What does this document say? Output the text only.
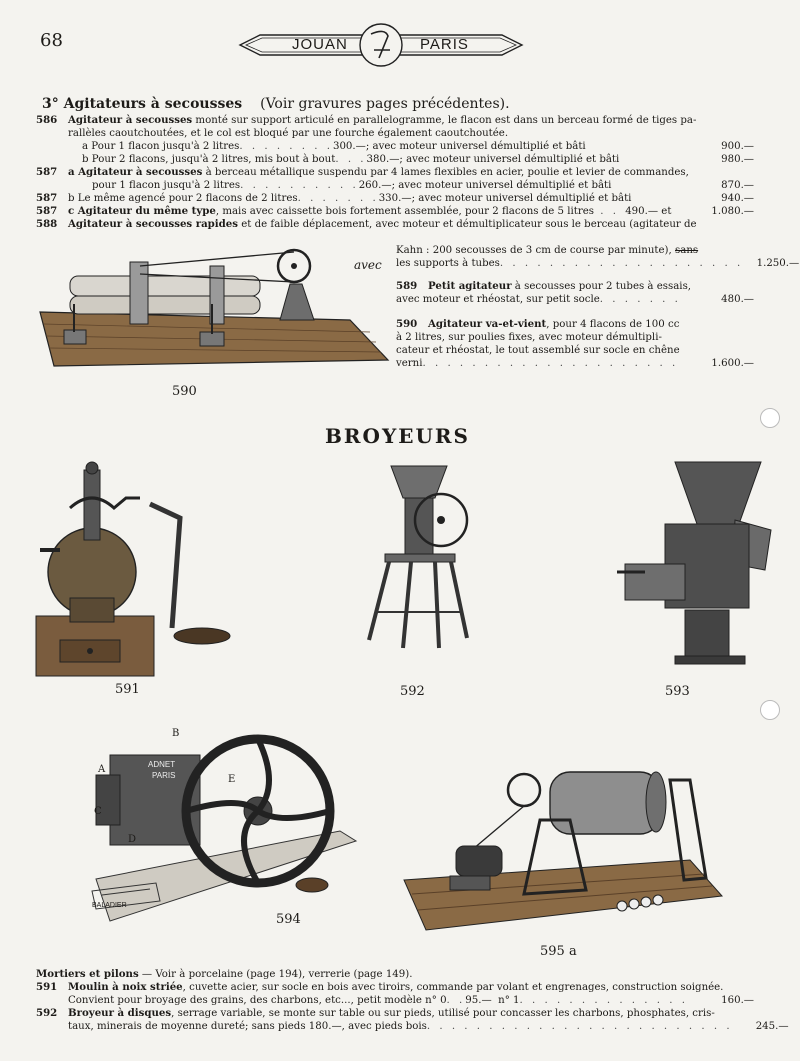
68	JOUAN	PARIS
3° Agitateurs à secousses (Voir gravures pages précédentes).
586	Agitateur à secousses monté sur support articulé en parallelogramme, le flacon est dans un berceau formé de tiges pa-
rallèles caoutchoutées, et le col est bloqué par une fourche également caoutchoutée.
a Pour 1 flacon jusqu'à 2 litres . . . . . . . . 300.— ; avec moteur universel démultiplié et bâti	900.—
b Pour 2 flacons, jusqu'à 2 litres, mis bout à bout . . . 380.— ; avec moteur universel démultiplié et bâti	980.—
587	a Agitateur à secousses à berceau métallique suspendu par 4 lames flexibles en acier, poulie et levier de commandes,
pour 1 flacon jusqu'à 2 litres . . . . . . . . . . 260.— ; avec moteur universel démultiplié et bâti	870.—
587	b Le même agencé pour 2 flacons de 2 litres . . . . . . . 330.— ; avec moteur universel démultiplié et bâti	940.—
587	c Agitateur du même type, mais avec caissette bois fortement assemblée, pour 2 flacons de 5 litres . . 490.— et	1.080.—
588	Agitateur à secousses rapides et de faible déplacement, avec moteur et démultiplicateur sous le berceau (agitateur de
Kahn : 200 secousses de 3 cm de course par minute), sans
les supports à tubes . . . . . . . . . . . . . . . . . . . .	1.250.—
avec
589	Petit agitateur à secousses pour 2 tubes à essais,
avec moteur et rhéostat, sur petit socle . . . . . . .	480.—
590	Agitateur va-et-vient, pour 4 flacons de 100 cc
à 2 litres, sur poulies fixes, avec moteur démultipli-
cateur et rhéostat, le tout assemblé sur socle en chêne
verni . . . . . . . . . . . . . . . . . . . . .	1.600.—
590
BROYEURS
591	592	593
ADNET
PARIS
A
B
C
D
E
BALADIER
594
595 a
Mortiers et pilons — Voir à porcelaine (page 194), verrerie (page 149).
591	Moulin à noix striée, cuvette acier, sur socle en bois avec tiroirs, commande par volant et engrenages, construction soignée.
Convient pour broyage des grains, des charbons, etc..., petit modèle n° 0 . . 95.—
n° 1 . . . . . . . . . . . . . .	160.—
592	Broyeur à disques, serrage variable, se monte sur table ou sur pieds, utilisé pour concasser les charbons, phosphates, cris-
taux, minerais de moyenne dureté; sans pieds 180.—, avec pieds bois . . . . . . . . . . . . . . . . . . . . . . . . .	245.—
